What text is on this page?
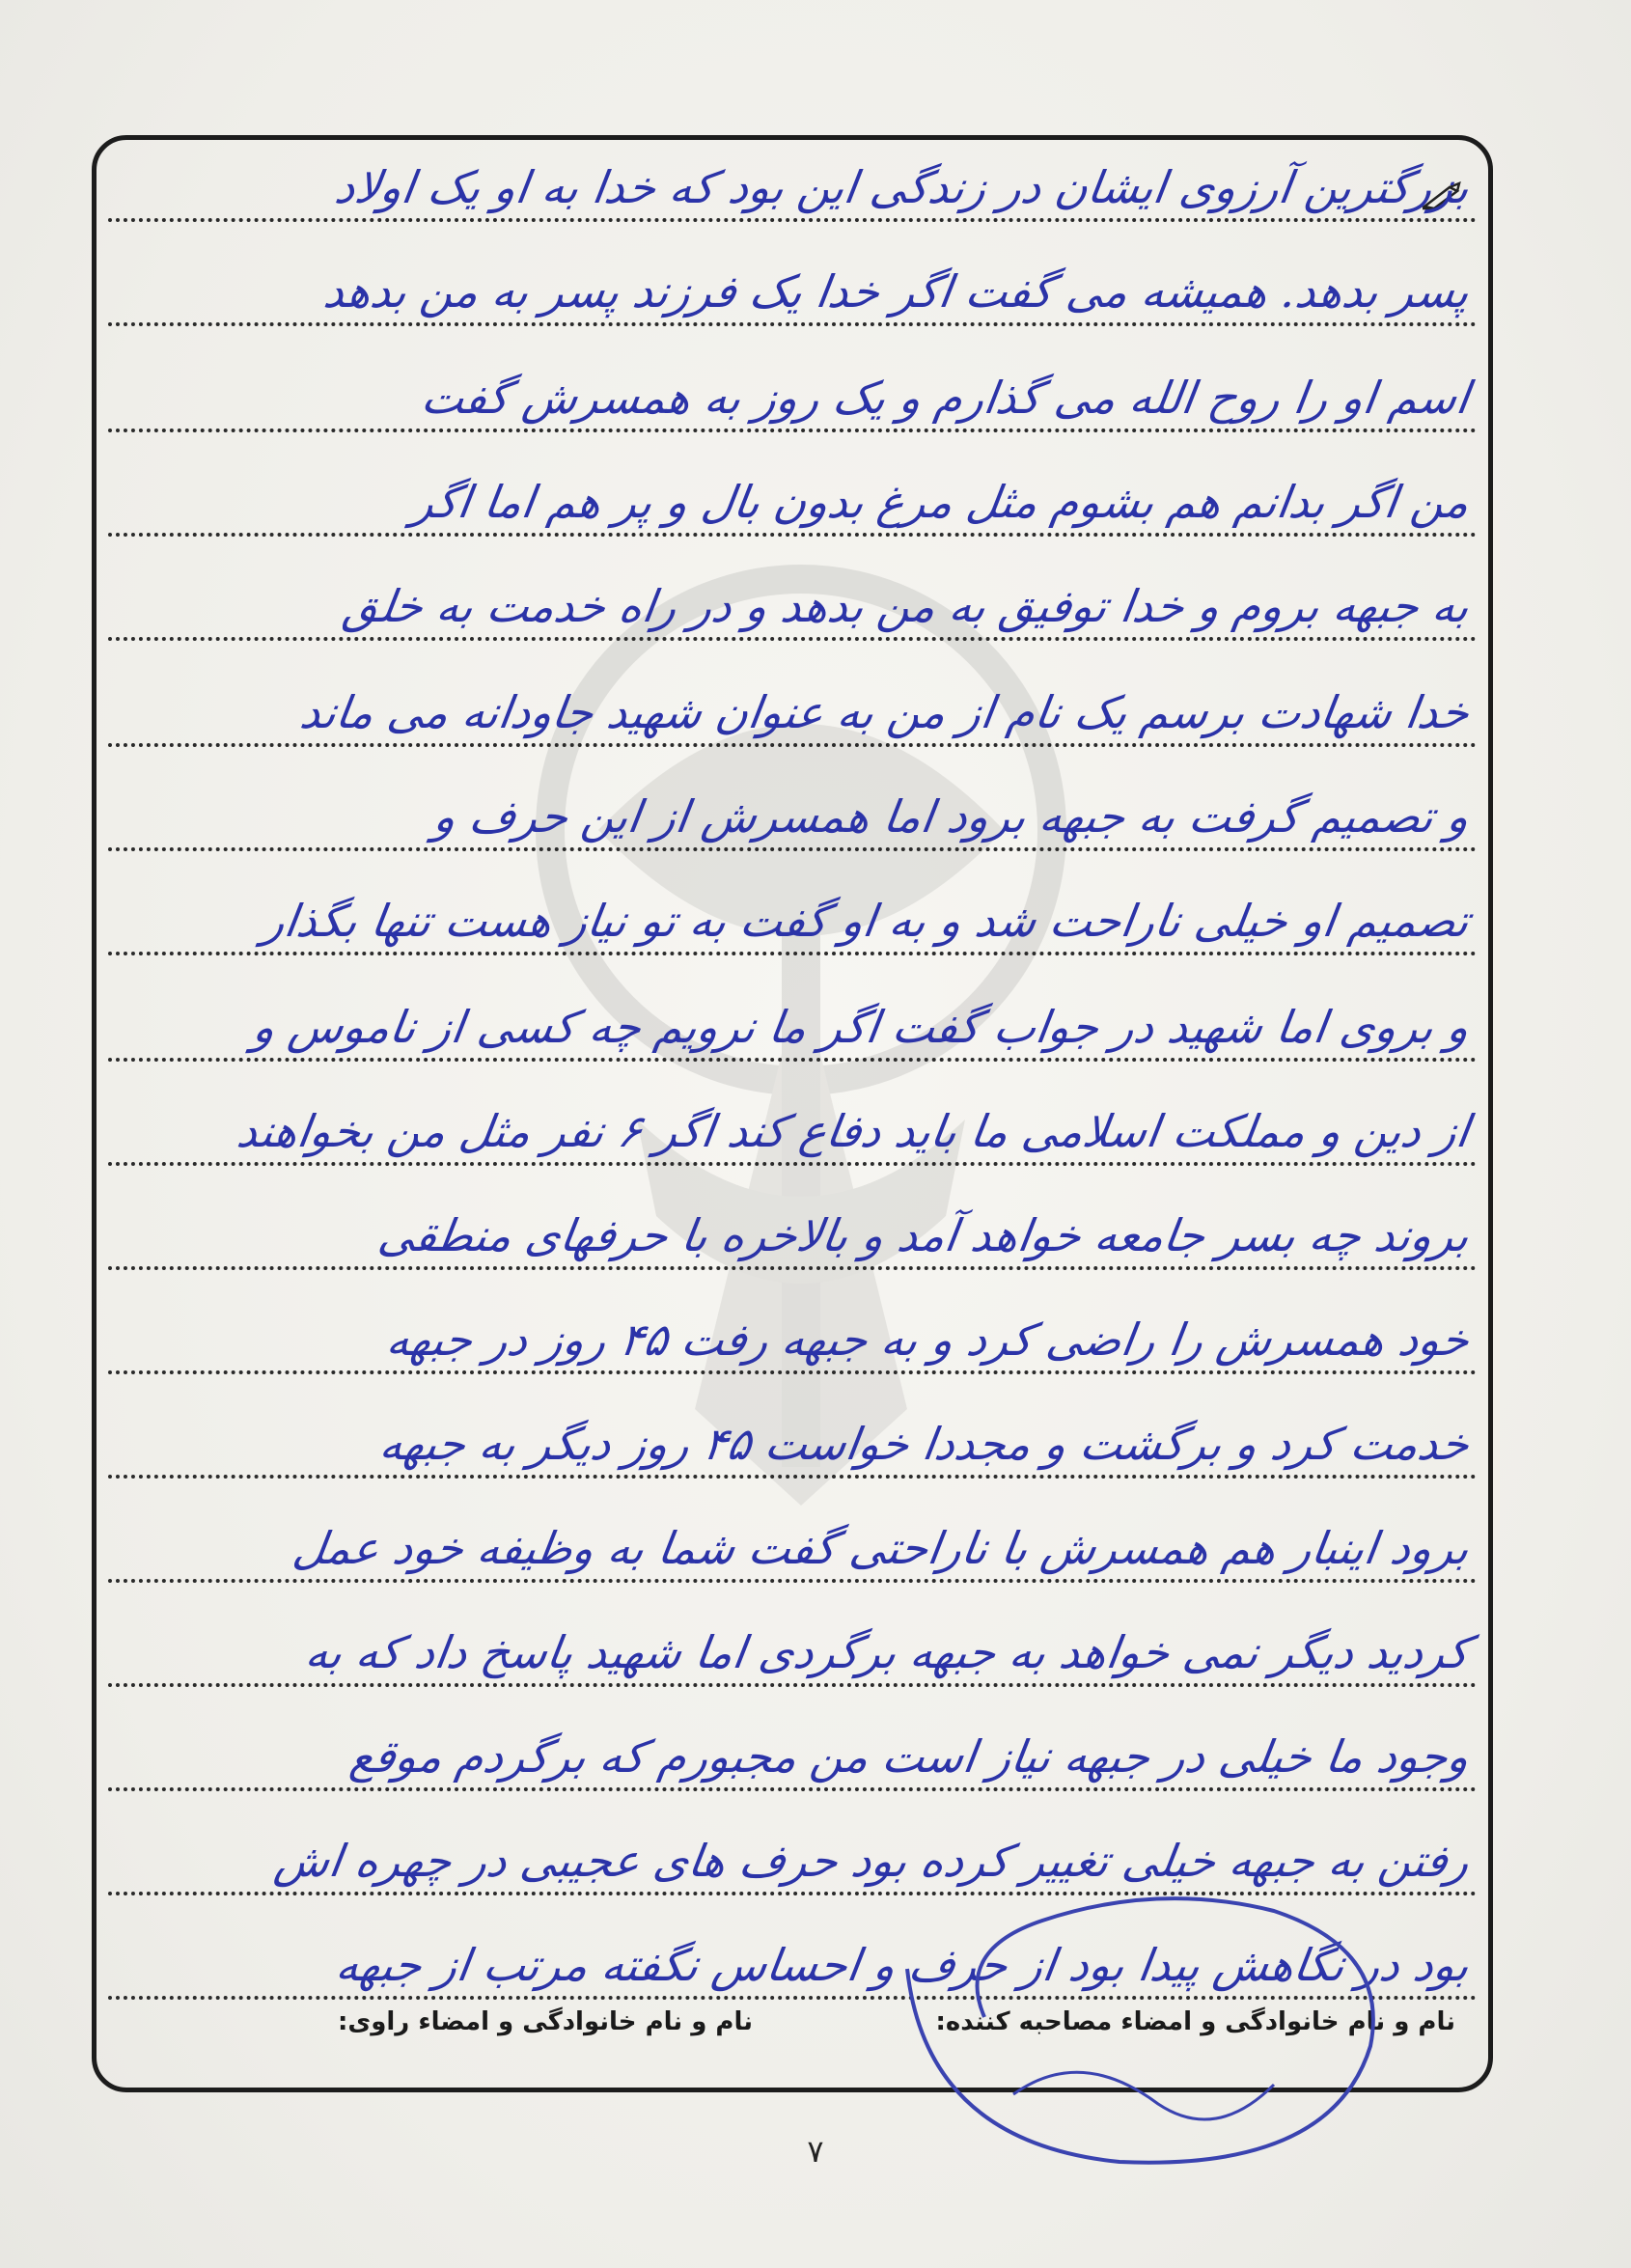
بزرگترین آرزوی ایشان در زندگی این بود که خدا به او یک اولاد
پسر بدهد. همیشه می گفت اگر خدا یک فرزند پسر به من بدهد
اسم او را روح الله می گذارم و یک روز به همسرش گفت
من اگر بدانم هم بشوم مثل مرغ بدون بال و پر هم اما اگر
به جبهه بروم و خدا توفیق به من بدهد و در راه خدمت به خلق
خدا شهادت برسم یک نام از من به عنوان شهید جاودانه می ماند
و تصمیم گرفت به جبهه برود اما همسرش از این حرف و
تصمیم او خیلی ناراحت شد و به او گفت به تو نیاز هست تنها بگذار
و بروی اما شهید در جواب گفت اگر ما نرویم چه کسی از ناموس و
از دین و مملکت اسلامی ما باید دفاع کند اگر ۶ نفر مثل من بخواهند
بروند چه بسر جامعه خواهد آمد و بالاخره با حرفهای منطقی
خود همسرش را راضی کرد و به جبهه رفت ۴۵ روز در جبهه
خدمت کرد و برگشت و مجددا خواست ۴۵ روز دیگر به جبهه
برود اینبار هم همسرش با ناراحتی گفت شما به وظیفه خود عمل
کردید دیگر نمی خواهد به جبهه برگردی اما شهید پاسخ داد که به
وجود ما خیلی در جبهه نیاز است من مجبورم که برگردم موقع
رفتن به جبهه خیلی تغییر کرده بود حرف های عجیبی در چهره اش
بود در نگاهش پیدا بود از حرف و احساس نگفته مرتب از جبهه
نام و نام خانوادگی و امضاء مصاحبه کننده:
نام و نام خانوادگی و امضاء راوی:
۷
